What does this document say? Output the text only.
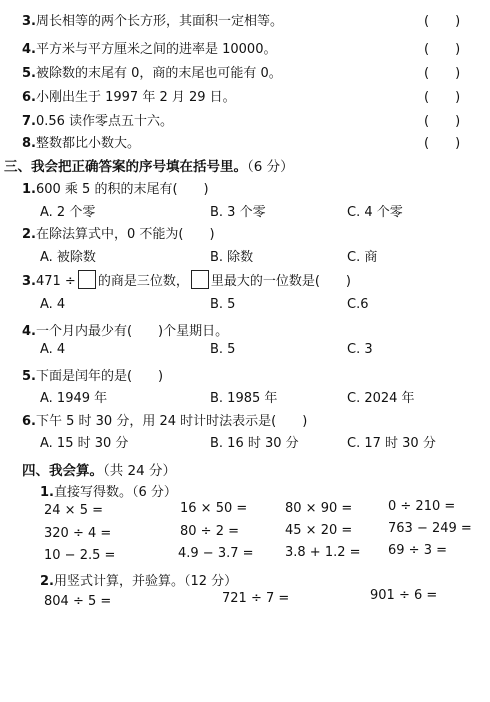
3.周长相等的两个长方形，其面积一定相等。	(　　)
4.平方米与平方厘米之间的进率是 10000。	(　　)
5.被除数的末尾有 0，商的末尾也可能有 0。	(　　)
6.小刚出生于 1997 年 2 月 29 日。	(　　)
7.0.56 读作零点五十六。	(　　)
8.整数都比小数大。	(　　)
三、我会把正确答案的序号填在括号里。（6 分）
1.600 乘 5 的积的末尾有(　　)
A. 2 个零	B. 3 个零	C. 4 个零
2.在除法算式中，0 不能为(　　)
A. 被除数	B. 除数	C. 商
3.471 ÷ 的商是三位数， 里最大的一位数是(　　)
A. 4	B. 5	C.6
4.一个月内最少有(　　)个星期日。
A. 4	B. 5	C. 3
5.下面是闰年的是(　　)
A. 1949 年	B. 1985 年	C. 2024 年
6.下午 5 时 30 分，用 24 时计时法表示是(　　)
A. 15 时 30 分	B. 16 时 30 分	C. 17 时 30 分
四、我会算。（共 24 分）
1.直接写得数。（6 分）
24 × 5 =	16 × 50 =	80 × 90 =	0 ÷ 210 =
320 ÷ 4 =	80 ÷ 2 =	45 × 20 =	763 − 249 =
10 − 2.5 =	4.9 − 3.7 = 3.8 + 1.2 = 69 ÷ 3 =
2.用竖式计算，并验算。（12 分）
804 ÷ 5 =	721 ÷ 7 =	901 ÷ 6 =
